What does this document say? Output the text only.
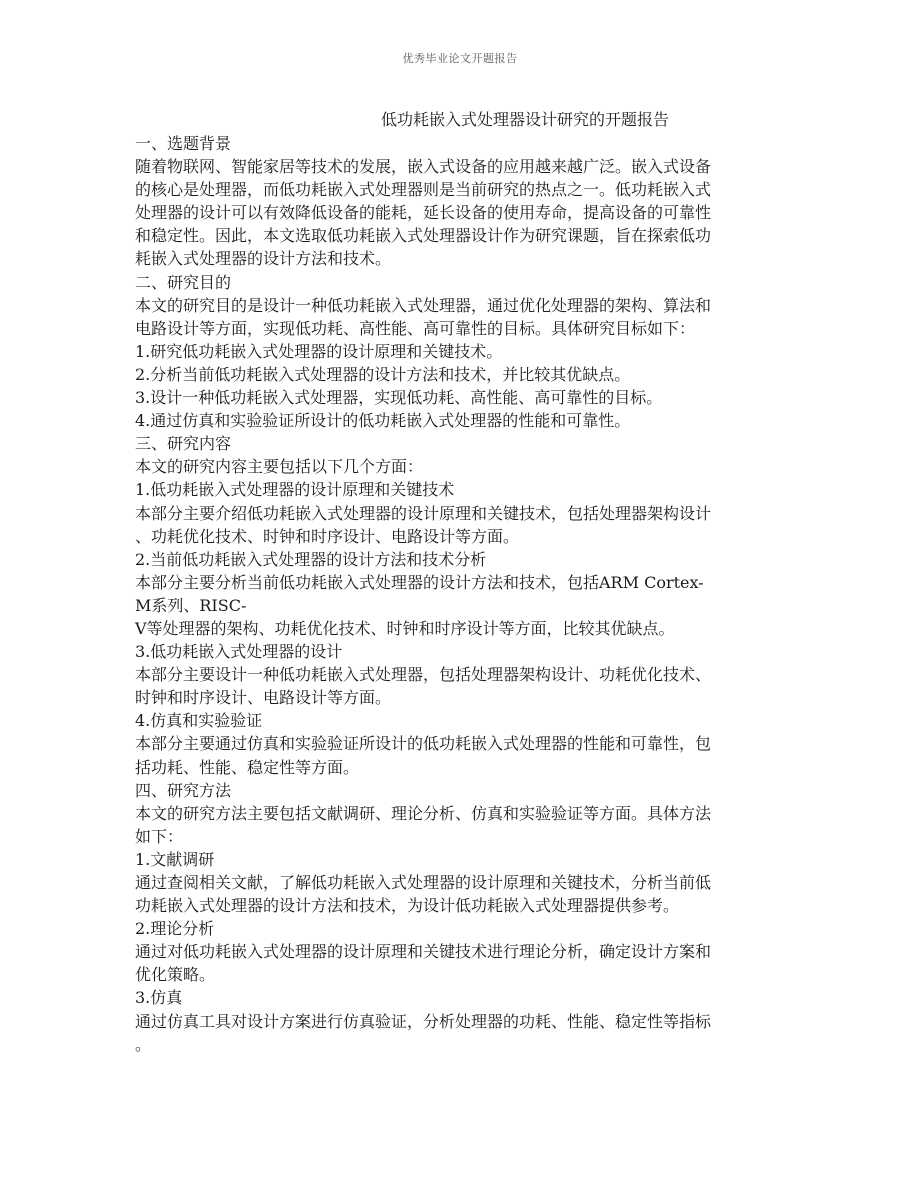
优秀毕业论文开题报告
低功耗嵌入式处理器设计研究的开题报告
一、选题背景
随着物联网、智能家居等技术的发展，嵌入式设备的应用越来越广泛。嵌入式设备
的核心是处理器，而低功耗嵌入式处理器则是当前研究的热点之一。低功耗嵌入式
处理器的设计可以有效降低设备的能耗，延长设备的使用寿命，提高设备的可靠性
和稳定性。因此，本文选取低功耗嵌入式处理器设计作为研究课题，旨在探索低功
耗嵌入式处理器的设计方法和技术。
二、研究目的
本文的研究目的是设计一种低功耗嵌入式处理器，通过优化处理器的架构、算法和
电路设计等方面，实现低功耗、高性能、高可靠性的目标。具体研究目标如下：
1.研究低功耗嵌入式处理器的设计原理和关键技术。
2.分析当前低功耗嵌入式处理器的设计方法和技术，并比较其优缺点。
3.设计一种低功耗嵌入式处理器，实现低功耗、高性能、高可靠性的目标。
4.通过仿真和实验验证所设计的低功耗嵌入式处理器的性能和可靠性。
三、研究内容
本文的研究内容主要包括以下几个方面：
1.低功耗嵌入式处理器的设计原理和关键技术
本部分主要介绍低功耗嵌入式处理器的设计原理和关键技术，包括处理器架构设计
、功耗优化技术、时钟和时序设计、电路设计等方面。
2.当前低功耗嵌入式处理器的设计方法和技术分析
本部分主要分析当前低功耗嵌入式处理器的设计方法和技术，包括ARM Cortex-
M系列、RISC-
V等处理器的架构、功耗优化技术、时钟和时序设计等方面，比较其优缺点。
3.低功耗嵌入式处理器的设计
本部分主要设计一种低功耗嵌入式处理器，包括处理器架构设计、功耗优化技术、
时钟和时序设计、电路设计等方面。
4.仿真和实验验证
本部分主要通过仿真和实验验证所设计的低功耗嵌入式处理器的性能和可靠性，包
括功耗、性能、稳定性等方面。
四、研究方法
本文的研究方法主要包括文献调研、理论分析、仿真和实验验证等方面。具体方法
如下：
1.文献调研
通过查阅相关文献，了解低功耗嵌入式处理器的设计原理和关键技术，分析当前低
功耗嵌入式处理器的设计方法和技术，为设计低功耗嵌入式处理器提供参考。
2.理论分析
通过对低功耗嵌入式处理器的设计原理和关键技术进行理论分析，确定设计方案和
优化策略。
3.仿真
通过仿真工具对设计方案进行仿真验证，分析处理器的功耗、性能、稳定性等指标
。
